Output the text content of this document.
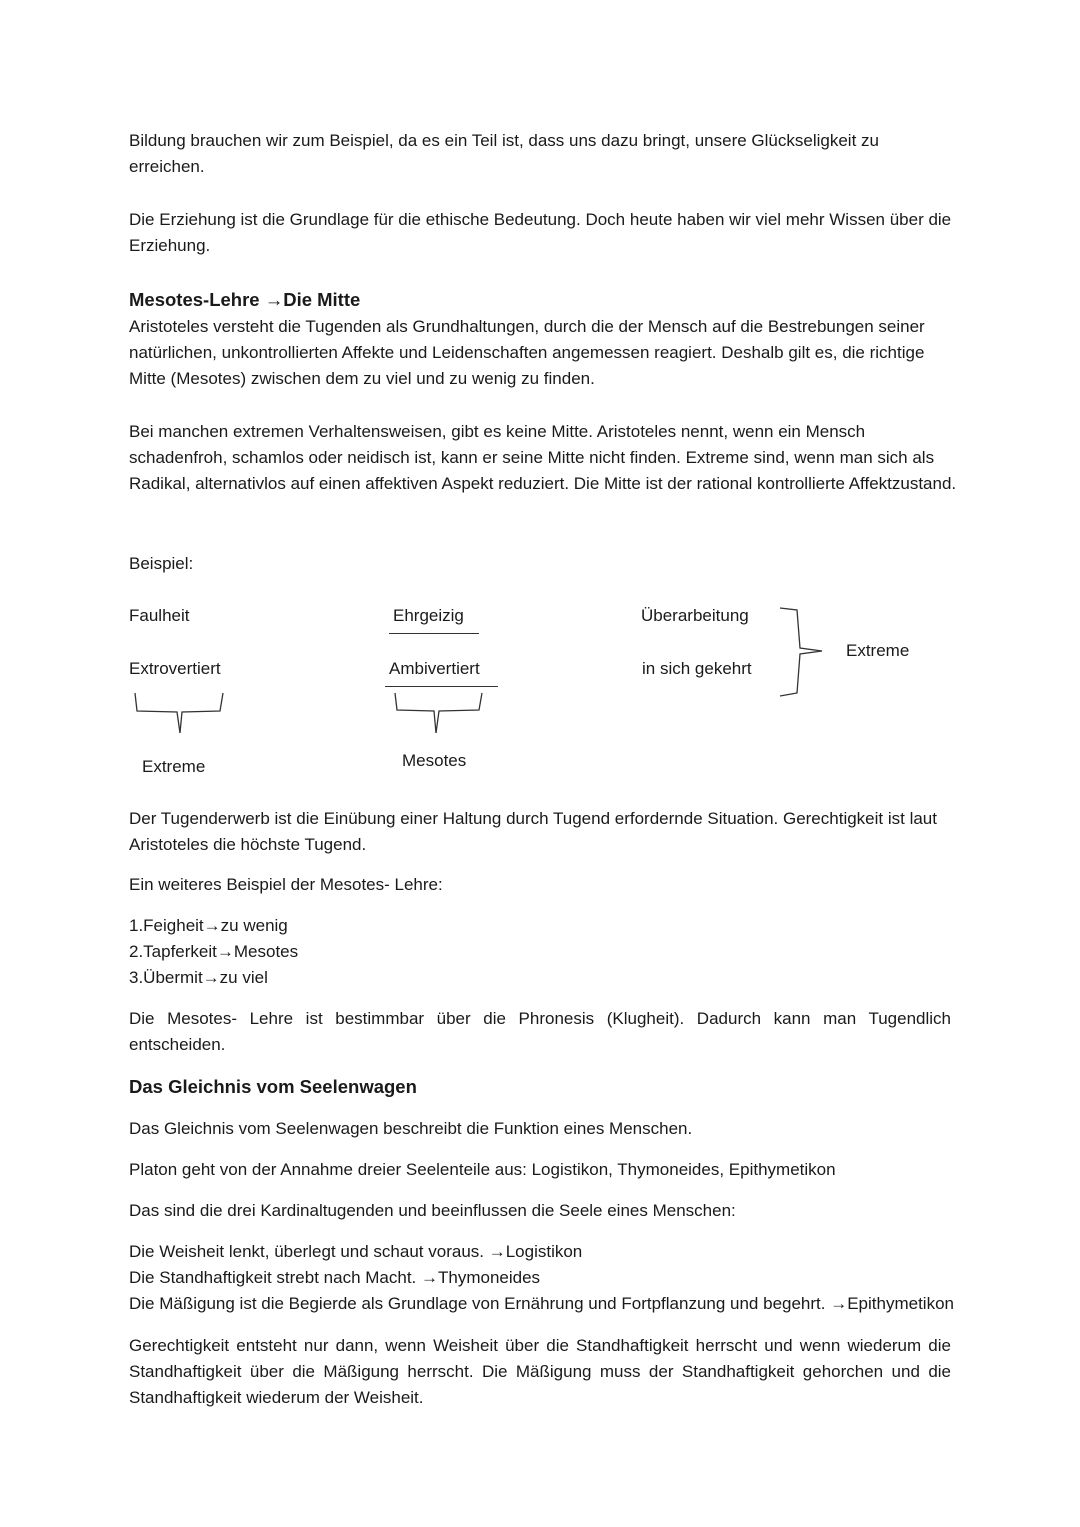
Bildung brauchen wir zum Beispiel, da es ein Teil ist, dass uns dazu bringt, unsere Glückseligkeit zu erreichen.

Die Erziehung ist die Grundlage für die ethische Bedeutung. Doch heute haben wir viel mehr Wissen über die Erziehung.

Mesotes-Lehre →Die Mitte

Aristoteles versteht die Tugenden als Grundhaltungen, durch die der Mensch auf die Bestrebungen seiner natürlichen, unkontrollierten Affekte und Leidenschaften angemessen reagiert. Deshalb gilt es, die richtige Mitte (Mesotes) zwischen dem zu viel und zu wenig zu finden.

Bei manchen extremen Verhaltensweisen, gibt es keine Mitte. Aristoteles nennt, wenn ein Mensch schadenfroh, schamlos oder neidisch ist, kann er seine Mitte nicht finden. Extreme sind, wenn man sich als Radikal, alternativlos auf einen affektiven Aspekt reduziert. Die Mitte ist der rational kontrollierte Affektzustand.

Beispiel:
Faulheit
Extrovertiert
Extreme
Ehrgeizig
Ambivertiert
Mesotes
Überarbeitung
in sich gekehrt
Extreme

Der Tugenderwerb ist die Einübung einer Haltung durch Tugend erfordernde Situation. Gerechtigkeit ist laut Aristoteles die höchste Tugend.

Ein weiteres Beispiel der Mesotes- Lehre:
1.Feigheit→zu wenig
2.Tapferkeit→Mesotes
3.Übermit→zu viel

Die Mesotes- Lehre ist bestimmbar über die Phronesis (Klugheit). Dadurch kann man Tugendlich entscheiden.

Das Gleichnis vom Seelenwagen
Das Gleichnis vom Seelenwagen beschreibt die Funktion eines Menschen.
Platon geht von der Annahme dreier Seelenteile aus: Logistikon, Thymoneides, Epithymetikon
Das sind die drei Kardinaltugenden und beeinflussen die Seele eines Menschen:
Die Weisheit lenkt, überlegt und schaut voraus. →Logistikon
Die Standhaftigkeit strebt nach Macht. →Thymoneides
Die Mäßigung ist die Begierde als Grundlage von Ernährung und Fortpflanzung und begehrt. →Epithymetikon

Gerechtigkeit entsteht nur dann, wenn Weisheit über die Standhaftigkeit herrscht und wenn wiederum die Standhaftigkeit über die Mäßigung herrscht. Die Mäßigung muss der Standhaftigkeit gehorchen und die Standhaftigkeit wiederum der Weisheit.
